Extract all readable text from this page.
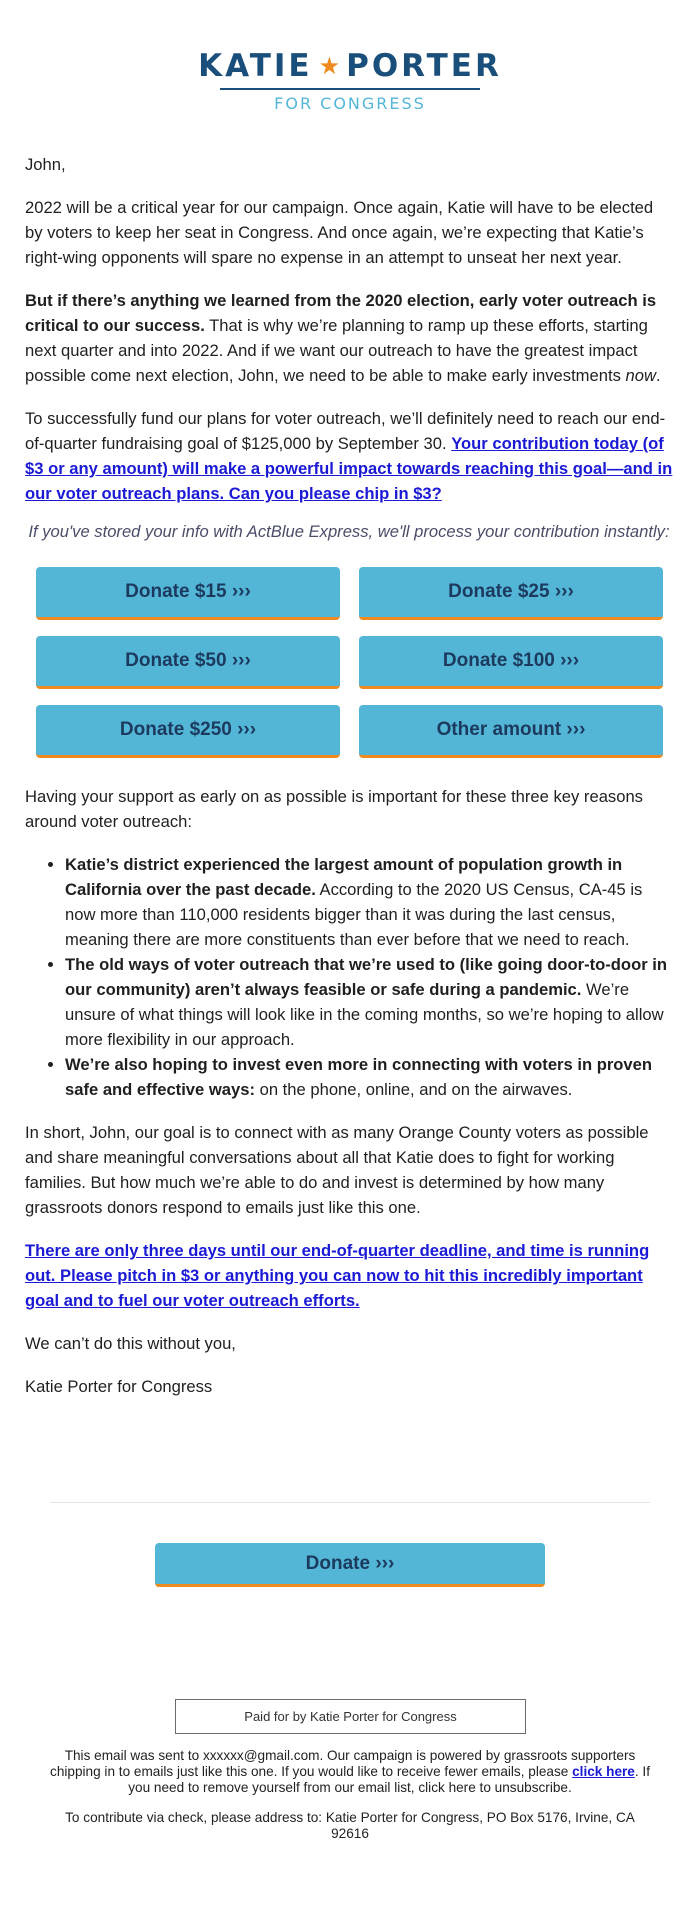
KATIE ★ PORTER
FOR CONGRESS

John,

2022 will be a critical year for our campaign. Once again, Katie will have to be elected by voters to keep her seat in Congress. And once again, we’re expecting that Katie’s right-wing opponents will spare no expense in an attempt to unseat her next year.

But if there’s anything we learned from the 2020 election, early voter outreach is critical to our success. That is why we’re planning to ramp up these efforts, starting next quarter and into 2022. And if we want our outreach to have the greatest impact possible come next election, John, we need to be able to make early investments now.

To successfully fund our plans for voter outreach, we’ll definitely need to reach our end-of-quarter fundraising goal of $125,000 by September 30. Your contribution today (of $3 or any amount) will make a powerful impact towards reaching this goal—and in our voter outreach plans. Can you please chip in $3?

If you've stored your info with ActBlue Express, we'll process your contribution instantly:

Donate $15 ›››	Donate $25 ›››
Donate $50 ›››	Donate $100 ›››
Donate $250 ›››	Other amount ›››

Having your support as early on as possible is important for these three key reasons around voter outreach:

• Katie’s district experienced the largest amount of population growth in California over the past decade. According to the 2020 US Census, CA-45 is now more than 110,000 residents bigger than it was during the last census, meaning there are more constituents than ever before that we need to reach.
• The old ways of voter outreach that we’re used to (like going door-to-door in our community) aren’t always feasible or safe during a pandemic. We’re unsure of what things will look like in the coming months, so we’re hoping to allow more flexibility in our approach.
• We’re also hoping to invest even more in connecting with voters in proven safe and effective ways: on the phone, online, and on the airwaves.

In short, John, our goal is to connect with as many Orange County voters as possible and share meaningful conversations about all that Katie does to fight for working families. But how much we’re able to do and invest is determined by how many grassroots donors respond to emails just like this one.

There are only three days until our end-of-quarter deadline, and time is running out. Please pitch in $3 or anything you can now to hit this incredibly important goal and to fuel our voter outreach efforts.

We can’t do this without you,

Katie Porter for Congress

Donate ›››
Paid for by Katie Porter for Congress

This email was sent to xxxxxx@gmail.com. Our campaign is powered by grassroots supporters chipping in to emails just like this one. If you would like to receive fewer emails, please click here. If you need to remove yourself from our email list, click here to unsubscribe.

To contribute via check, please address to: Katie Porter for Congress, PO Box 5176, Irvine, CA 92616
